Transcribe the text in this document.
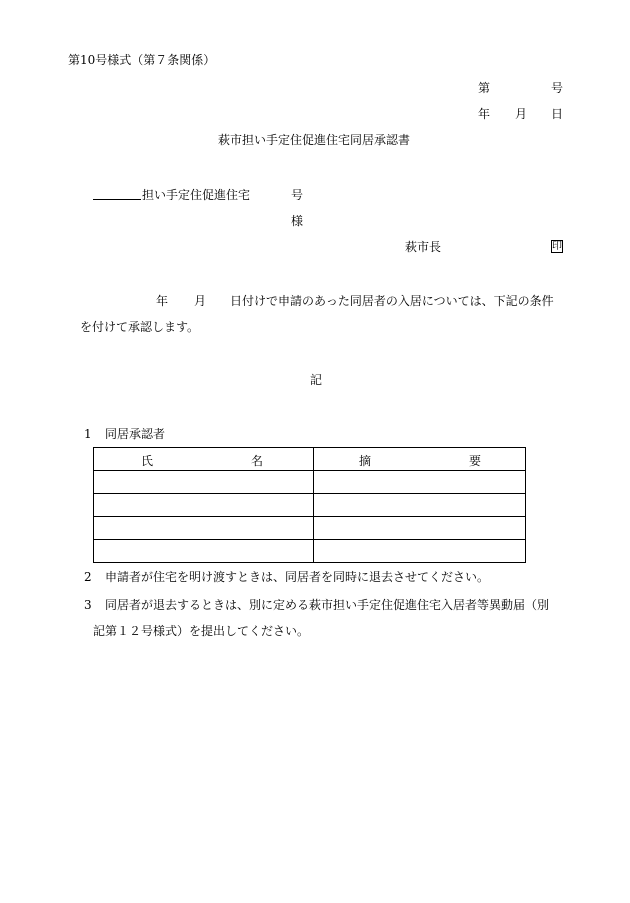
第10号様式（第７条関係）
第	号
年 月 日
萩市担い手定住促進住宅同居承認書
担い手定住促進住宅	号
様
萩市長	印
年 月 日付けで申請のあった同居者の入居については、下記の条件
を付けて承認します。
記
1 同居承認者
氏 名	摘 要

2 申請者が住宅を明け渡すときは、同居者を同時に退去させてください。
3 同居者が退去するときは、別に定める萩市担い手定住促進住宅入居者等異動届（別
記第１２号様式）を提出してください。
